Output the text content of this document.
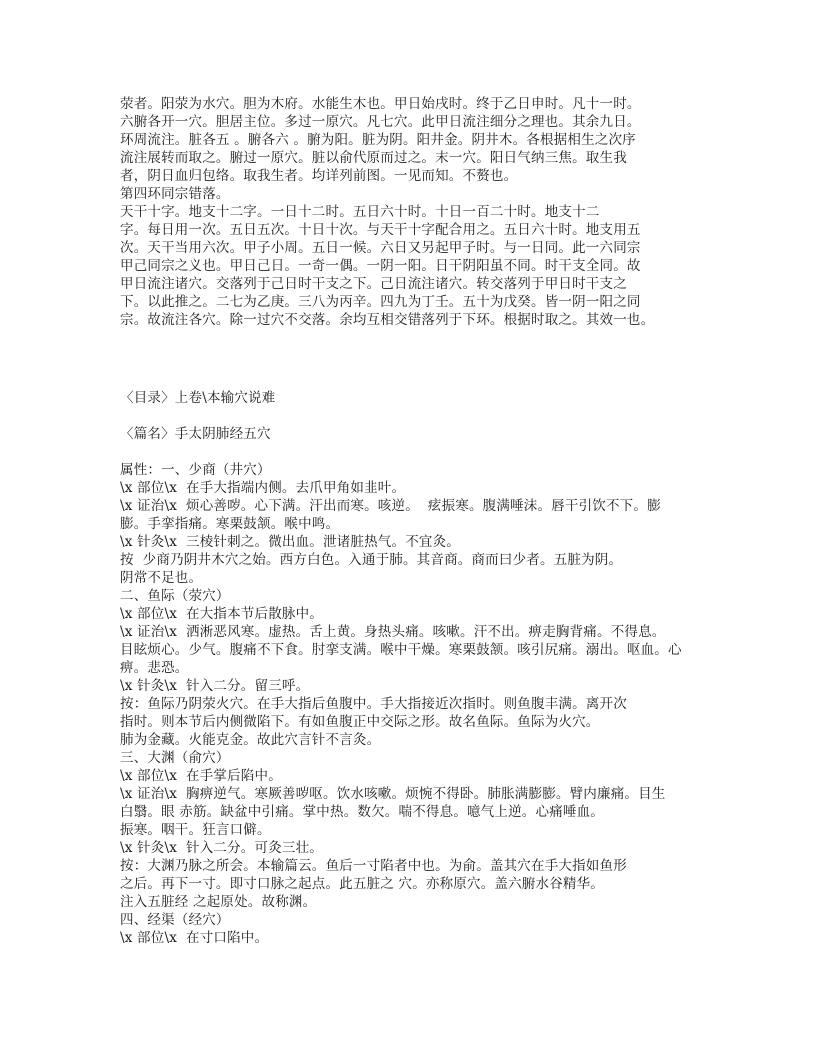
荥者。阳荥为水穴。胆为木府。水能生木也。甲日始戌时。终于乙日申时。凡十一时。
六腑各开一穴。胆居主位。多过一原穴。凡七穴。此甲日流注细分之理也。其余九日。
环周流注。脏各五 。腑各六 。腑为阳。脏为阴。阳井金。阴井木。各根据相生之次序
流注展转而取之。腑过一原穴。脏以俞代原而过之。末一穴。阳日气纳三焦。取生我
者，阴日血归包络。取我生者。均详列前图。一见而知。不赘也。
第四环同宗错落。
天干十字。地支十二字。一日十二时。五日六十时。十日一百二十时。地支十二
字。每日用一次。五日五次。十日十次。与天干十字配合用之。五日六十时。地支用五
次。天干当用六次。甲子小周。五日一候。六日又另起甲子时。与一日同。此一六同宗
甲己同宗之义也。甲日己日。一奇一偶。一阴一阳。日干阴阳虽不同。时干支全同。故
甲日流注诸穴。交落列于己日时干支之下。己日流注诸穴。转交落列于甲日时干支之
下。以此推之。二七为乙庚。三八为丙辛。四九为丁壬。五十为戊癸。皆一阴一阳之同
宗。故流注各穴。除一过穴不交落。余均互相交错落列于下环。根据时取之。其效一也。
〈目录〉上卷\本输穴说难
〈篇名〉手太阴肺经五穴
属性：一、少商（井穴）
\x 部位\x  在手大指端内侧。去爪甲角如韭叶。
\x 证治\x  烦心善哕。心下满。汗出而寒。咳逆。  痃振寒。腹满唾沫。唇干引饮不下。膨
膨。手挛指痛。寒栗鼓颔。喉中鸣。
\x 针灸\x  三棱针刺之。微出血。泄诸脏热气。不宜灸。
按  少商乃阴井木穴之始。西方白色。入通于肺。其音商。商而曰少者。五脏为阴。
阴常不足也。
二、鱼际（荥穴）
\x 部位\x  在大指本节后散脉中。
\x 证治\x  洒淅恶风寒。虚热。舌上黄。身热头痛。咳嗽。汗不出。痹走胸背痛。不得息。
目眩烦心。少气。腹痛不下食。肘挛支满。喉中干燥。寒栗鼓颔。咳引尻痛。溺出。呕血。心
痹。悲恐。
\x 针灸\x  针入二分。留三呼。
按：鱼际乃阴荥火穴。在手大指后鱼腹中。手大指接近次指时。则鱼腹丰满。离开次
指时。则本节后内侧微陷下。有如鱼腹正中交际之形。故名鱼际。鱼际为火穴。
肺为金藏。火能克金。故此穴言针不言灸。
三、大渊（俞穴）
\x 部位\x  在手掌后陷中。
\x 证治\x  胸痹逆气。寒厥善哕呕。饮水咳嗽。烦惋不得卧。肺胀满膨膨。臂内廉痛。目生
白翳。眼 赤筋。缺盆中引痛。掌中热。数欠。喘不得息。噫气上逆。心痛唾血。
振寒。咽干。狂言口僻。
\x 针灸\x  针入二分。可灸三壮。
按：大渊乃脉之所会。本输篇云。鱼后一寸陷者中也。为俞。盖其穴在手大指如鱼形
之后。再下一寸。即寸口脉之起点。此五脏之 穴。亦称原穴。盖六腑水谷精华。
注入五脏经 之起原处。故称渊。
四、经渠（经穴）
\x 部位\x  在寸口陷中。
